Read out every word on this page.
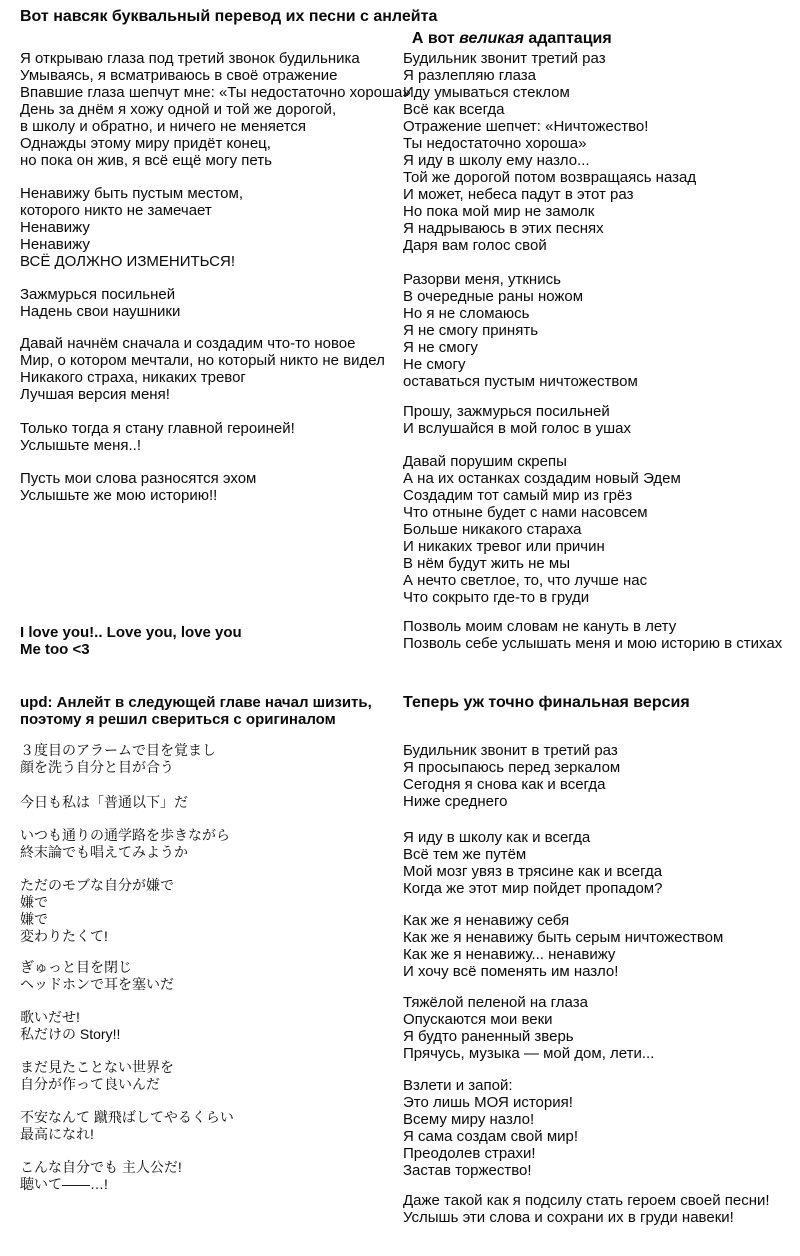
Вот навсяк буквальный перевод их песни с анлейта
Я открываю глаза под третий звонок будильника
Умываясь, я всматриваюсь в своё отражение
Впавшие глаза шепчут мне: «Ты недостаточно хороша»
День за днём я хожу одной и той же дорогой,
в школу и обратно, и ничего не меняется
Однажды этому миру придёт конец,
но пока он жив, я всё ещё могу петь
Ненавижу быть пустым местом,
которого никто не замечает
Ненавижу
Ненавижу
ВСЁ ДОЛЖНО ИЗМЕНИТЬСЯ!
Зажмурься посильней
Надень свои наушники
Давай начнём сначала и создадим что-то новое
Мир, о котором мечтали, но который никто не видел
Никакого страха, никаких тревог
Лучшая версия меня!
Только тогда я стану главной героиней!
Услышьте меня..!
Пусть мои слова разносятся эхом
Услышьте же мою историю!!
I love you!.. Love you, love you
Me too <3
upd: Анлейт в следующей главе начал шизить,
поэтому я решил свериться с оригиналом
３度目のアラームで目を覚まし
顔を洗う自分と目が合う
今日も私は「普通以下」だ
いつも通りの通学路を歩きながら
終末論でも唱えてみようか
ただのモブな自分が嫌で
嫌で
嫌で
変わりたくて!
ぎゅっと目を閉じ
ヘッドホンで耳を塞いだ
歌いだせ!
私だけの Story!!
まだ見たことない世界を
自分が作って良いんだ
不安なんて 蹴飛ばしてやるくらい
最高になれ!
こんな自分でも 主人公だ!
聴いて――…!

А вот великая адаптация

Будильник звонит третий раз
Я разлепляю глаза
Иду умываться стеклом
Всё как всегда
Отражение шепчет: «Ничтожество!
Ты недостаточно хороша»
Я иду в школу ему назло...
Той же дорогой потом возвращаясь назад
И может, небеса падут в этот раз
Но пока мой мир не замолк
Я надрываюсь в этих песнях
Даря вам голос свой
Разорви меня, уткнись
В очередные раны ножом
Но я не сломаюсь
Я не смогу принять
Я не смогу
Не смогу
оставаться пустым ничтожеством
Прошу, зажмурься посильней
И вслушайся в мой голос в ушах
Давай порушим скрепы
А на их останках создадим новый Эдем
Создадим тот самый мир из грёз
Что отныне будет с нами насовсем
Больше никакого стараха
И никаких тревог или причин
В нём будут жить не мы
А нечто светлое, то, что лучше нас
Что сокрыто где-то в груди
Позволь моим словам не кануть в лету
Позволь себе услышать меня и мою историю в стихах
Теперь уж точно финальная версия
Будильник звонит в третий раз
Я просыпаюсь перед зеркалом
Сегодня я снова как и всегда
Ниже среднего
Я иду в школу как и всегда
Всё тем же путём
Мой мозг увяз в трясине как и всегда
Когда же этот мир пойдет пропадом?
Как же я ненавижу себя
Как же я ненавижу быть серым ничтожеством
Как же я ненавижу... ненавижу
И хочу всё поменять им назло!
Тяжёлой пеленой на глаза
Опускаются мои веки
Я будто раненный зверь
Прячусь, музыка — мой дом, лети...
Взлети и запой:
Это лишь МОЯ история!
Всему миру назло!
Я сама создам свой мир!
Преодолев страхи!
Застав торжество!
Даже такой как я подсилу стать героем своей песни!
Услышь эти слова и сохрани их в груди навеки!
